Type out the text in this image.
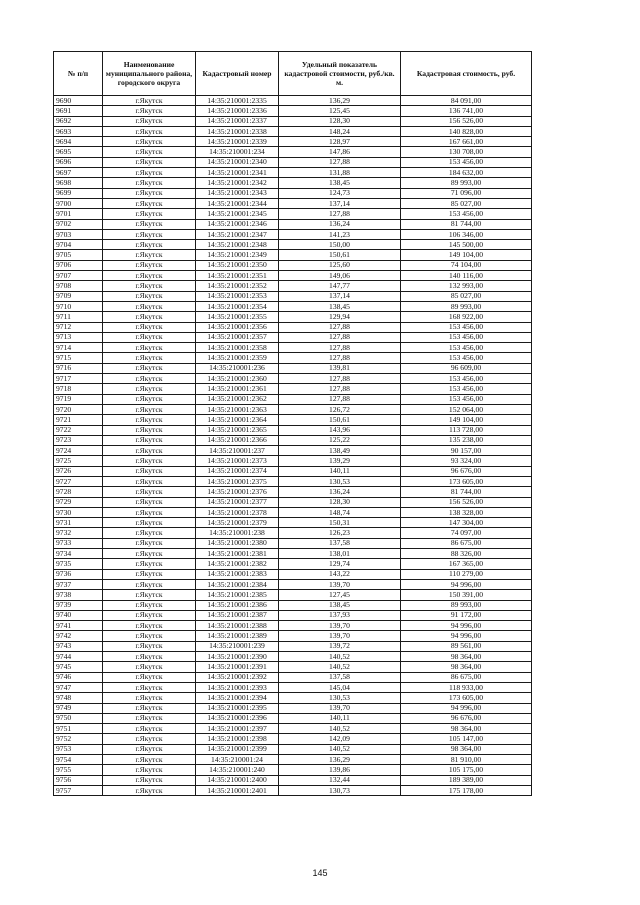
№ п/п	Наименование муниципального района, городского округа	Кадастровый номер	Удельный показатель кадастровой стоимости, руб./кв. м.	Кадастровая стоимость, руб.
9690	г.Якутск	14:35:210001:2335	136,29	84 091,00
9691	г.Якутск	14:35:210001:2336	125,45	136 741,00
9692	г.Якутск	14:35:210001:2337	128,30	156 526,00
9693	г.Якутск	14:35:210001:2338	148,24	140 828,00
9694	г.Якутск	14:35:210001:2339	128,97	167 661,00
9695	г.Якутск	14:35:210001:234	147,86	130 708,00
9696	г.Якутск	14:35:210001:2340	127,88	153 456,00
9697	г.Якутск	14:35:210001:2341	131,88	184 632,00
9698	г.Якутск	14:35:210001:2342	138,45	89 993,00
9699	г.Якутск	14:35:210001:2343	124,73	71 096,00
9700	г.Якутск	14:35:210001:2344	137,14	85 027,00
9701	г.Якутск	14:35:210001:2345	127,88	153 456,00
9702	г.Якутск	14:35:210001:2346	136,24	81 744,00
9703	г.Якутск	14:35:210001:2347	141,23	106 346,00
9704	г.Якутск	14:35:210001:2348	150,00	145 500,00
9705	г.Якутск	14:35:210001:2349	150,61	149 104,00
9706	г.Якутск	14:35:210001:2350	125,60	74 104,00
9707	г.Якутск	14:35:210001:2351	149,06	140 116,00
9708	г.Якутск	14:35:210001:2352	147,77	132 993,00
9709	г.Якутск	14:35:210001:2353	137,14	85 027,00
9710	г.Якутск	14:35:210001:2354	138,45	89 993,00
9711	г.Якутск	14:35:210001:2355	129,94	168 922,00
9712	г.Якутск	14:35:210001:2356	127,88	153 456,00
9713	г.Якутск	14:35:210001:2357	127,88	153 456,00
9714	г.Якутск	14:35:210001:2358	127,88	153 456,00
9715	г.Якутск	14:35:210001:2359	127,88	153 456,00
9716	г.Якутск	14:35:210001:236	139,81	96 609,00
9717	г.Якутск	14:35:210001:2360	127,88	153 456,00
9718	г.Якутск	14:35:210001:2361	127,88	153 456,00
9719	г.Якутск	14:35:210001:2362	127,88	153 456,00
9720	г.Якутск	14:35:210001:2363	126,72	152 064,00
9721	г.Якутск	14:35:210001:2364	150,61	149 104,00
9722	г.Якутск	14:35:210001:2365	143,96	113 728,00
9723	г.Якутск	14:35:210001:2366	125,22	135 238,00
9724	г.Якутск	14:35:210001:237	138,49	90 157,00
9725	г.Якутск	14:35:210001:2373	139,29	93 324,00
9726	г.Якутск	14:35:210001:2374	140,11	96 676,00
9727	г.Якутск	14:35:210001:2375	130,53	173 605,00
9728	г.Якутск	14:35:210001:2376	136,24	81 744,00
9729	г.Якутск	14:35:210001:2377	128,30	156 526,00
9730	г.Якутск	14:35:210001:2378	148,74	138 328,00
9731	г.Якутск	14:35:210001:2379	150,31	147 304,00
9732	г.Якутск	14:35:210001:238	126,23	74 097,00
9733	г.Якутск	14:35:210001:2380	137,58	86 675,00
9734	г.Якутск	14:35:210001:2381	138,01	88 326,00
9735	г.Якутск	14:35:210001:2382	129,74	167 365,00
9736	г.Якутск	14:35:210001:2383	143,22	110 279,00
9737	г.Якутск	14:35:210001:2384	139,70	94 996,00
9738	г.Якутск	14:35:210001:2385	127,45	150 391,00
9739	г.Якутск	14:35:210001:2386	138,45	89 993,00
9740	г.Якутск	14:35:210001:2387	137,93	91 172,00
9741	г.Якутск	14:35:210001:2388	139,70	94 996,00
9742	г.Якутск	14:35:210001:2389	139,70	94 996,00
9743	г.Якутск	14:35:210001:239	139,72	89 561,00
9744	г.Якутск	14:35:210001:2390	140,52	98 364,00
9745	г.Якутск	14:35:210001:2391	140,52	98 364,00
9746	г.Якутск	14:35:210001:2392	137,58	86 675,00
9747	г.Якутск	14:35:210001:2393	145,04	118 933,00
9748	г.Якутск	14:35:210001:2394	130,53	173 605,00
9749	г.Якутск	14:35:210001:2395	139,70	94 996,00
9750	г.Якутск	14:35:210001:2396	140,11	96 676,00
9751	г.Якутск	14:35:210001:2397	140,52	98 364,00
9752	г.Якутск	14:35:210001:2398	142,09	105 147,00
9753	г.Якутск	14:35:210001:2399	140,52	98 364,00
9754	г.Якутск	14:35:210001:24	136,29	81 910,00
9755	г.Якутск	14:35:210001:240	139,86	105 175,00
9756	г.Якутск	14:35:210001:2400	132,44	189 389,00
9757	г.Якутск	14:35:210001:2401	130,73	175 178,00
145
